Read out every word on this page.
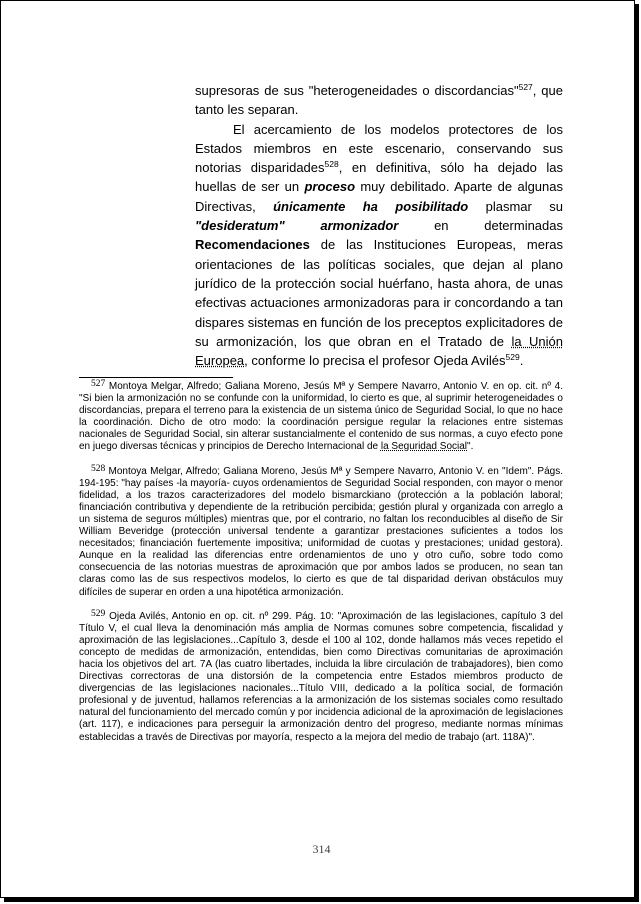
supresoras de sus "heterogeneidades o discordancias"$^{527}$, que tanto les separan.

El acercamiento de los modelos protectores de los Estados miembros en este escenario, conservando sus notorias disparidades$^{528}$, en definitiva, sólo ha dejado las huellas de ser un proceso muy debilitado. Aparte de algunas Directivas, únicamente ha posibilitado plasmar su "desideratum" armonizador en determinadas Recomendaciones de las Instituciones Europeas, meras orientaciones de las políticas sociales, que dejan al plano jurídico de la protección social huérfano, hasta ahora, de unas efectivas actuaciones armonizadoras para ir concordando a tan dispares sistemas en función de los preceptos explicitadores de su armonización, los que obran en el Tratado de la Unión Europea, conforme lo precisa el profesor Ojeda Avilés$^{529}$.

527 Montoya Melgar, Alfredo; Galiana Moreno, Jesús Mª y Sempere Navarro, Antonio V. en op. cit. nº 4. "Si bien la armonización no se confunde con la uniformidad, lo cierto es que, al suprimir heterogeneidades o discordancias, prepara el terreno para la existencia de un sistema único de Seguridad Social, lo que no hace la coordinación. Dicho de otro modo: la coordinación persigue regular la relaciones entre sistemas nacionales de Seguridad Social, sin alterar sustancialmente el contenido de sus normas, a cuyo efecto pone en juego diversas técnicas y principios de Derecho Internacional de la Seguridad Social".

528 Montoya Melgar, Alfredo; Galiana Moreno, Jesús Mª y Sempere Navarro, Antonio V. en "Idem". Págs. 194-195: "hay países -la mayoría- cuyos ordenamientos de Seguridad Social responden, con mayor o menor fidelidad, a los trazos caracterizadores del modelo bismarckiano (protección a la población laboral; financiación contributiva y dependiente de la retribución percibida; gestión plural y organizada con arreglo a un sistema de seguros múltiples) mientras que, por el contrario, no faltan los reconducibles al diseño de Sir William Beveridge (protección universal tendente a garantizar prestaciones suficientes a todos los necesitados; financiación fuertemente impositiva; uniformidad de cuotas y prestaciones; unidad gestora). Aunque en la realidad las diferencias entre ordenamientos de uno y otro cuño, sobre todo como consecuencia de las notorias muestras de aproximación que por ambos lados se producen, no sean tan claras como las de sus respectivos modelos, lo cierto es que de tal disparidad derivan obstáculos muy difíciles de superar en orden a una hipotética armonización.

529 Ojeda Avilés, Antonio en op. cit. nº 299. Pág. 10: "Aproximación de las legislaciones, capítulo 3 del Título V, el cual lleva la denominación más amplia de Normas comunes sobre competencia, fiscalidad y aproximación de las legislaciones...Capítulo 3, desde el 100 al 102, donde hallamos más veces repetido el concepto de medidas de armonización, entendidas, bien como Directivas comunitarias de aproximación hacia los objetivos del art. 7A (las cuatro libertades, incluida la libre circulación de trabajadores), bien como Directivas correctoras de una distorsión de la competencia entre Estados miembros producto de divergencias de las legislaciones nacionales...Título VIII, dedicado a la política social, de formación profesional y de juventud, hallamos referencias a la armonización de los sistemas sociales como resultado natural del funcionamiento del mercado común y por incidencia adicional de la aproximación de legislaciones (art. 117), e indicaciones para perseguir la armonización dentro del progreso, mediante normas mínimas establecidas a través de Directivas por mayoría, respecto a la mejora del medio de trabajo (art. 118A)".

314
